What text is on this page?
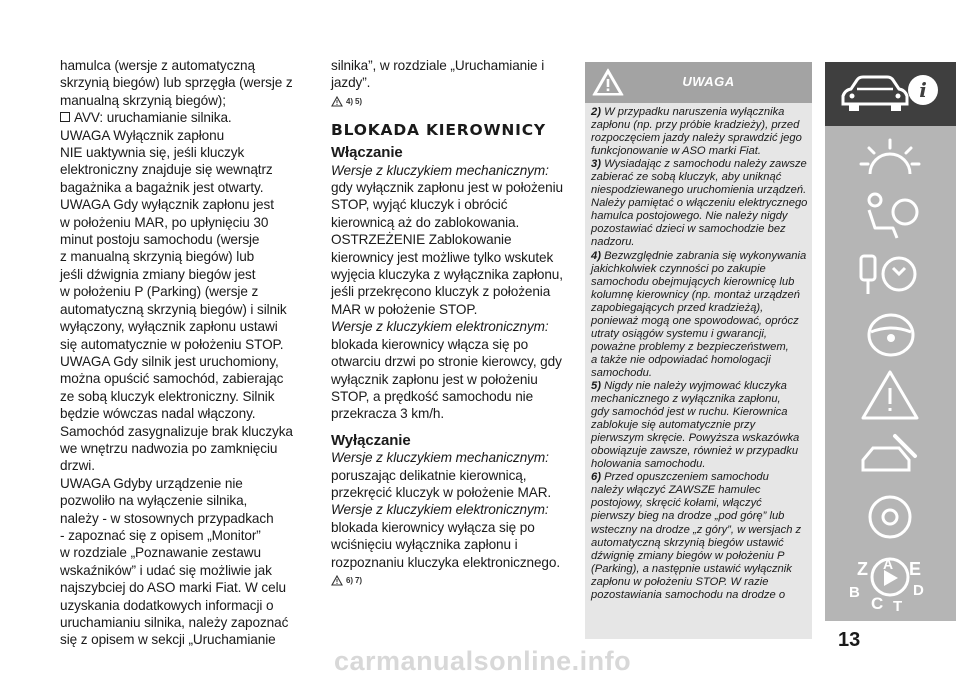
hamulca (wersje z automatyczną
skrzynią biegów) lub sprzęgła (wersje z
manualną skrzynią biegów);
AVV: uruchamianie silnika.
UWAGA Wyłącznik zapłonu
NIE uaktywnia się, jeśli kluczyk
elektroniczny znajduje się wewnątrz
bagażnika a bagażnik jest otwarty.
UWAGA Gdy wyłącznik zapłonu jest
w położeniu MAR, po upłynięciu 30
minut postoju samochodu (wersje
z manualną skrzynią biegów) lub
jeśli dźwignia zmiany biegów jest
w położeniu P (Parking) (wersje z
automatyczną skrzynią biegów) i silnik
wyłączony, wyłącznik zapłonu ustawi
się automatycznie w położeniu STOP.
UWAGA Gdy silnik jest uruchomiony,
można opuścić samochód, zabierając
ze sobą kluczyk elektroniczny. Silnik
będzie wówczas nadal włączony.
Samochód zasygnalizuje brak kluczyka
we wnętrzu nadwozia po zamknięciu
drzwi.
UWAGA Gdyby urządzenie nie
pozwoliło na wyłączenie silnika,
należy - w stosownych przypadkach
- zapoznać się z opisem „Monitor”
w rozdziale „Poznawanie zestawu
wskaźników” i udać się możliwie jak
najszybciej do ASO marki Fiat. W celu
uzyskania dodatkowych informacji o
uruchamianiu silnika, należy zapoznać
się z opisem w sekcji „Uruchamianie
silnika”, w rozdziale „Uruchamianie i
jazdy”.
4) 5)
BLOKADA KIEROWNICY
Włączanie
Wersje z kluczykiem mechanicznym:
gdy wyłącznik zapłonu jest w położeniu
STOP, wyjąć kluczyk i obrócić
kierownicą aż do zablokowania.
OSTRZEŻENIE Zablokowanie
kierownicy jest możliwe tylko wskutek
wyjęcia kluczyka z wyłącznika zapłonu,
jeśli przekręcono kluczyk z położenia
MAR w położenie STOP.
Wersje z kluczykiem elektronicznym:
blokada kierownicy włącza się po
otwarciu drzwi po stronie kierowcy, gdy
wyłącznik zapłonu jest w położeniu
STOP, a prędkość samochodu nie
przekracza 3 km/h.
Wyłączanie
Wersje z kluczykiem mechanicznym:
poruszając delikatnie kierownicą,
przekręcić kluczyk w położenie MAR.
Wersje z kluczykiem elektronicznym:
blokada kierownicy wyłącza się po
wciśnięciu wyłącznika zapłonu i
rozpoznaniu kluczyka elektronicznego.
6) 7)
UWAGA
2) W przypadku naruszenia wyłącznika
zapłonu (np. przy próbie kradzieży), przed
rozpoczęciem jazdy należy sprawdzić jego
funkcjonowanie w ASO marki Fiat.
3) Wysiadając z samochodu należy zawsze
zabierać ze sobą kluczyk, aby uniknąć
niespodziewanego uruchomienia urządzeń.
Należy pamiętać o włączeniu elektrycznego
hamulca postojowego. Nie należy nigdy
pozostawiać dzieci w samochodzie bez
nadzoru.
4) Bezwzględnie zabrania się wykonywania
jakichkolwiek czynności po zakupie
samochodu obejmujących kierownicę lub
kolumnę kierownicy (np. montaż urządzeń
zapobiegających przed kradzieżą),
ponieważ mogą one spowodować, oprócz
utraty osiągów systemu i gwarancji,
poważne problemy z bezpieczeństwem,
a także nie odpowiadać homologacji
samochodu.
5) Nigdy nie należy wyjmować kluczyka
mechanicznego z wyłącznika zapłonu,
gdy samochód jest w ruchu. Kierownica
zablokuje się automatycznie przy
pierwszym skręcie. Powyższa wskazówka
obowiązuje zawsze, również w przypadku
holowania samochodu.
6) Przed opuszczeniem samochodu
należy włączyć ZAWSZE hamulec
postojowy, skręcić kołami, włączyć
pierwszy bieg na drodze „pod górę” lub
wsteczny na drodze „z góry”, w wersjach z
automatyczną skrzynią biegów ustawić
dźwignię zmiany biegów w położeniu P
(Parking), a następnie ustawić wyłącznik
zapłonu w położeniu STOP. W razie
pozostawiania samochodu na drodze o
i
Z A E
B
C T
D
13
carmanualsonline.info
